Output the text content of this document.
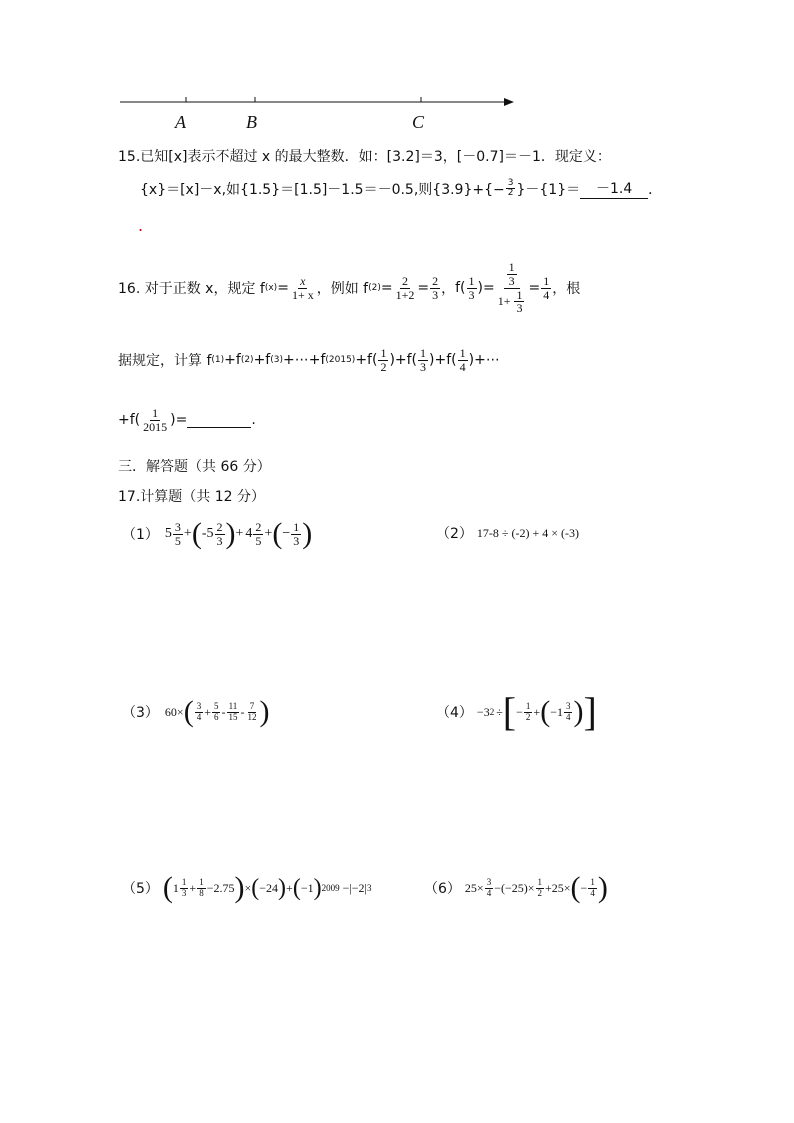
A	B	C
15.已知[x]表示不超过 x 的最大整数．如：[3.2]＝3，[－0.7]＝－1．现定义：
{x}＝[x]－x,如{1.5}＝[1.5]－1.5＝－0.5,则$\{3.9\}+\{- \frac{3}{2} \}-\{1\}=$	－1.4	．
.
16. 对于正数 x，规定 f $(x) = \frac{x}{1+ x}$ ，例如 f $(2) = \frac{2}{1+2} = \frac{2}{3}$ ， $f( \frac{1}{3}$ )= $\frac{\frac{1}{3}}{1+ \frac{1}{3}} = \frac{1}{4}$ ，根
据规定，计算 f (1) +f (2) +f (3) +⋯+f $(2015) +f( \frac{1}{2} )+f( \frac{1}{3} )+f( \frac{1}{4}$ )+⋯
$+f( \frac{1}{2015}$ )=	.
三．解答题（共 66 分）
17.计算题（共 12 分）
（1） $5 \frac{3}{5}$ + ( $-5 \frac{2}{3}$ ) + $4 \frac{2}{5}$ + ( − $\frac{1}{3}$ )	（2） 17-8 ÷ (-2) + 4 × (-3)
（3） 60× ( $\frac{3}{4} + \frac{5}{6} - \frac{11}{15} - \frac{7}{12}$ )	（4） −3 2 ÷ [ − $\frac{1}{2}$ + ( $-1 \frac{3}{4}$ ) ]
（5） ( $1 \frac{1}{3} + \frac{1}{8} -2.75$ ) × ( −24 ) + ( −1 ) 2009 −|−2| 3	（6） $25\times \frac{3}{4} -(-25)\times \frac{1}{2} +25\times$ ( − $\frac{1}{4}$ )
